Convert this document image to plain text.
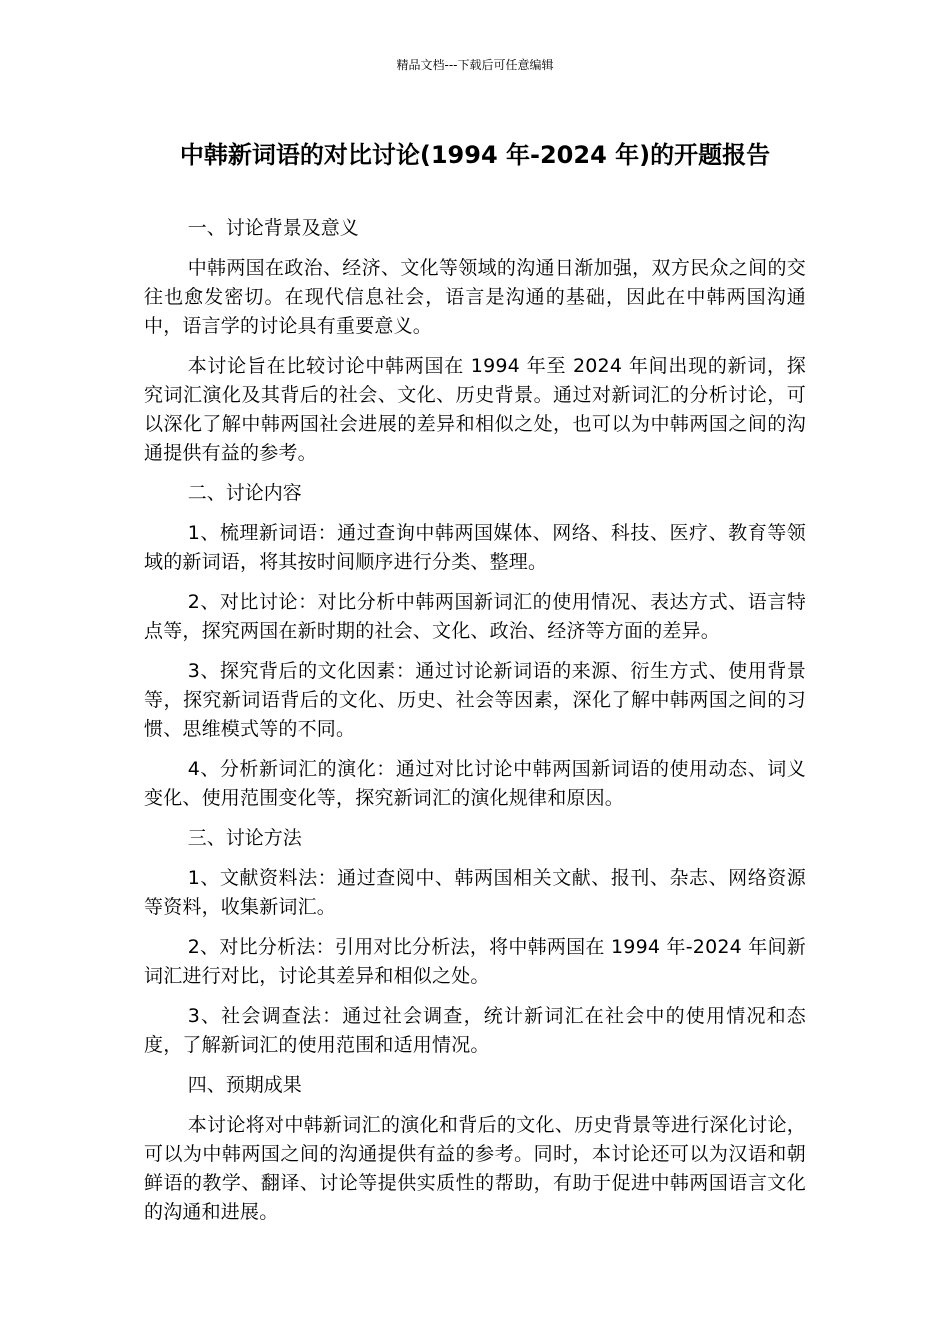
精品文档---下载后可任意编辑
中韩新词语的对比讨论(1994 年-2024 年)的开题报告
一、讨论背景及意义

中韩两国在政治、经济、文化等领域的沟通日渐加强，双方民众之间的交往也愈发密切。在现代信息社会，语言是沟通的基础，因此在中韩两国沟通中，语言学的讨论具有重要意义。

本讨论旨在比较讨论中韩两国在 1994 年至 2024 年间出现的新词，探究词汇演化及其背后的社会、文化、历史背景。通过对新词汇的分析讨论，可以深化了解中韩两国社会进展的差异和相似之处，也可以为中韩两国之间的沟通提供有益的参考。

二、讨论内容

1、梳理新词语：通过查询中韩两国媒体、网络、科技、医疗、教育等领域的新词语，将其按时间顺序进行分类、整理。

2、对比讨论：对比分析中韩两国新词汇的使用情况、表达方式、语言特点等，探究两国在新时期的社会、文化、政治、经济等方面的差异。

3、探究背后的文化因素：通过讨论新词语的来源、衍生方式、使用背景等，探究新词语背后的文化、历史、社会等因素，深化了解中韩两国之间的习惯、思维模式等的不同。

4、分析新词汇的演化：通过对比讨论中韩两国新词语的使用动态、词义变化、使用范围变化等，探究新词汇的演化规律和原因。

三、讨论方法

1、文献资料法：通过查阅中、韩两国相关文献、报刊、杂志、网络资源等资料，收集新词汇。

2、对比分析法：引用对比分析法，将中韩两国在 1994 年-2024 年间新词汇进行对比，讨论其差异和相似之处。

3、社会调查法：通过社会调查，统计新词汇在社会中的使用情况和态度，了解新词汇的使用范围和适用情况。

四、预期成果

本讨论将对中韩新词汇的演化和背后的文化、历史背景等进行深化讨论，可以为中韩两国之间的沟通提供有益的参考。同时，本讨论还可以为汉语和朝鲜语的教学、翻译、讨论等提供实质性的帮助，有助于促进中韩两国语言文化的沟通和进展。
